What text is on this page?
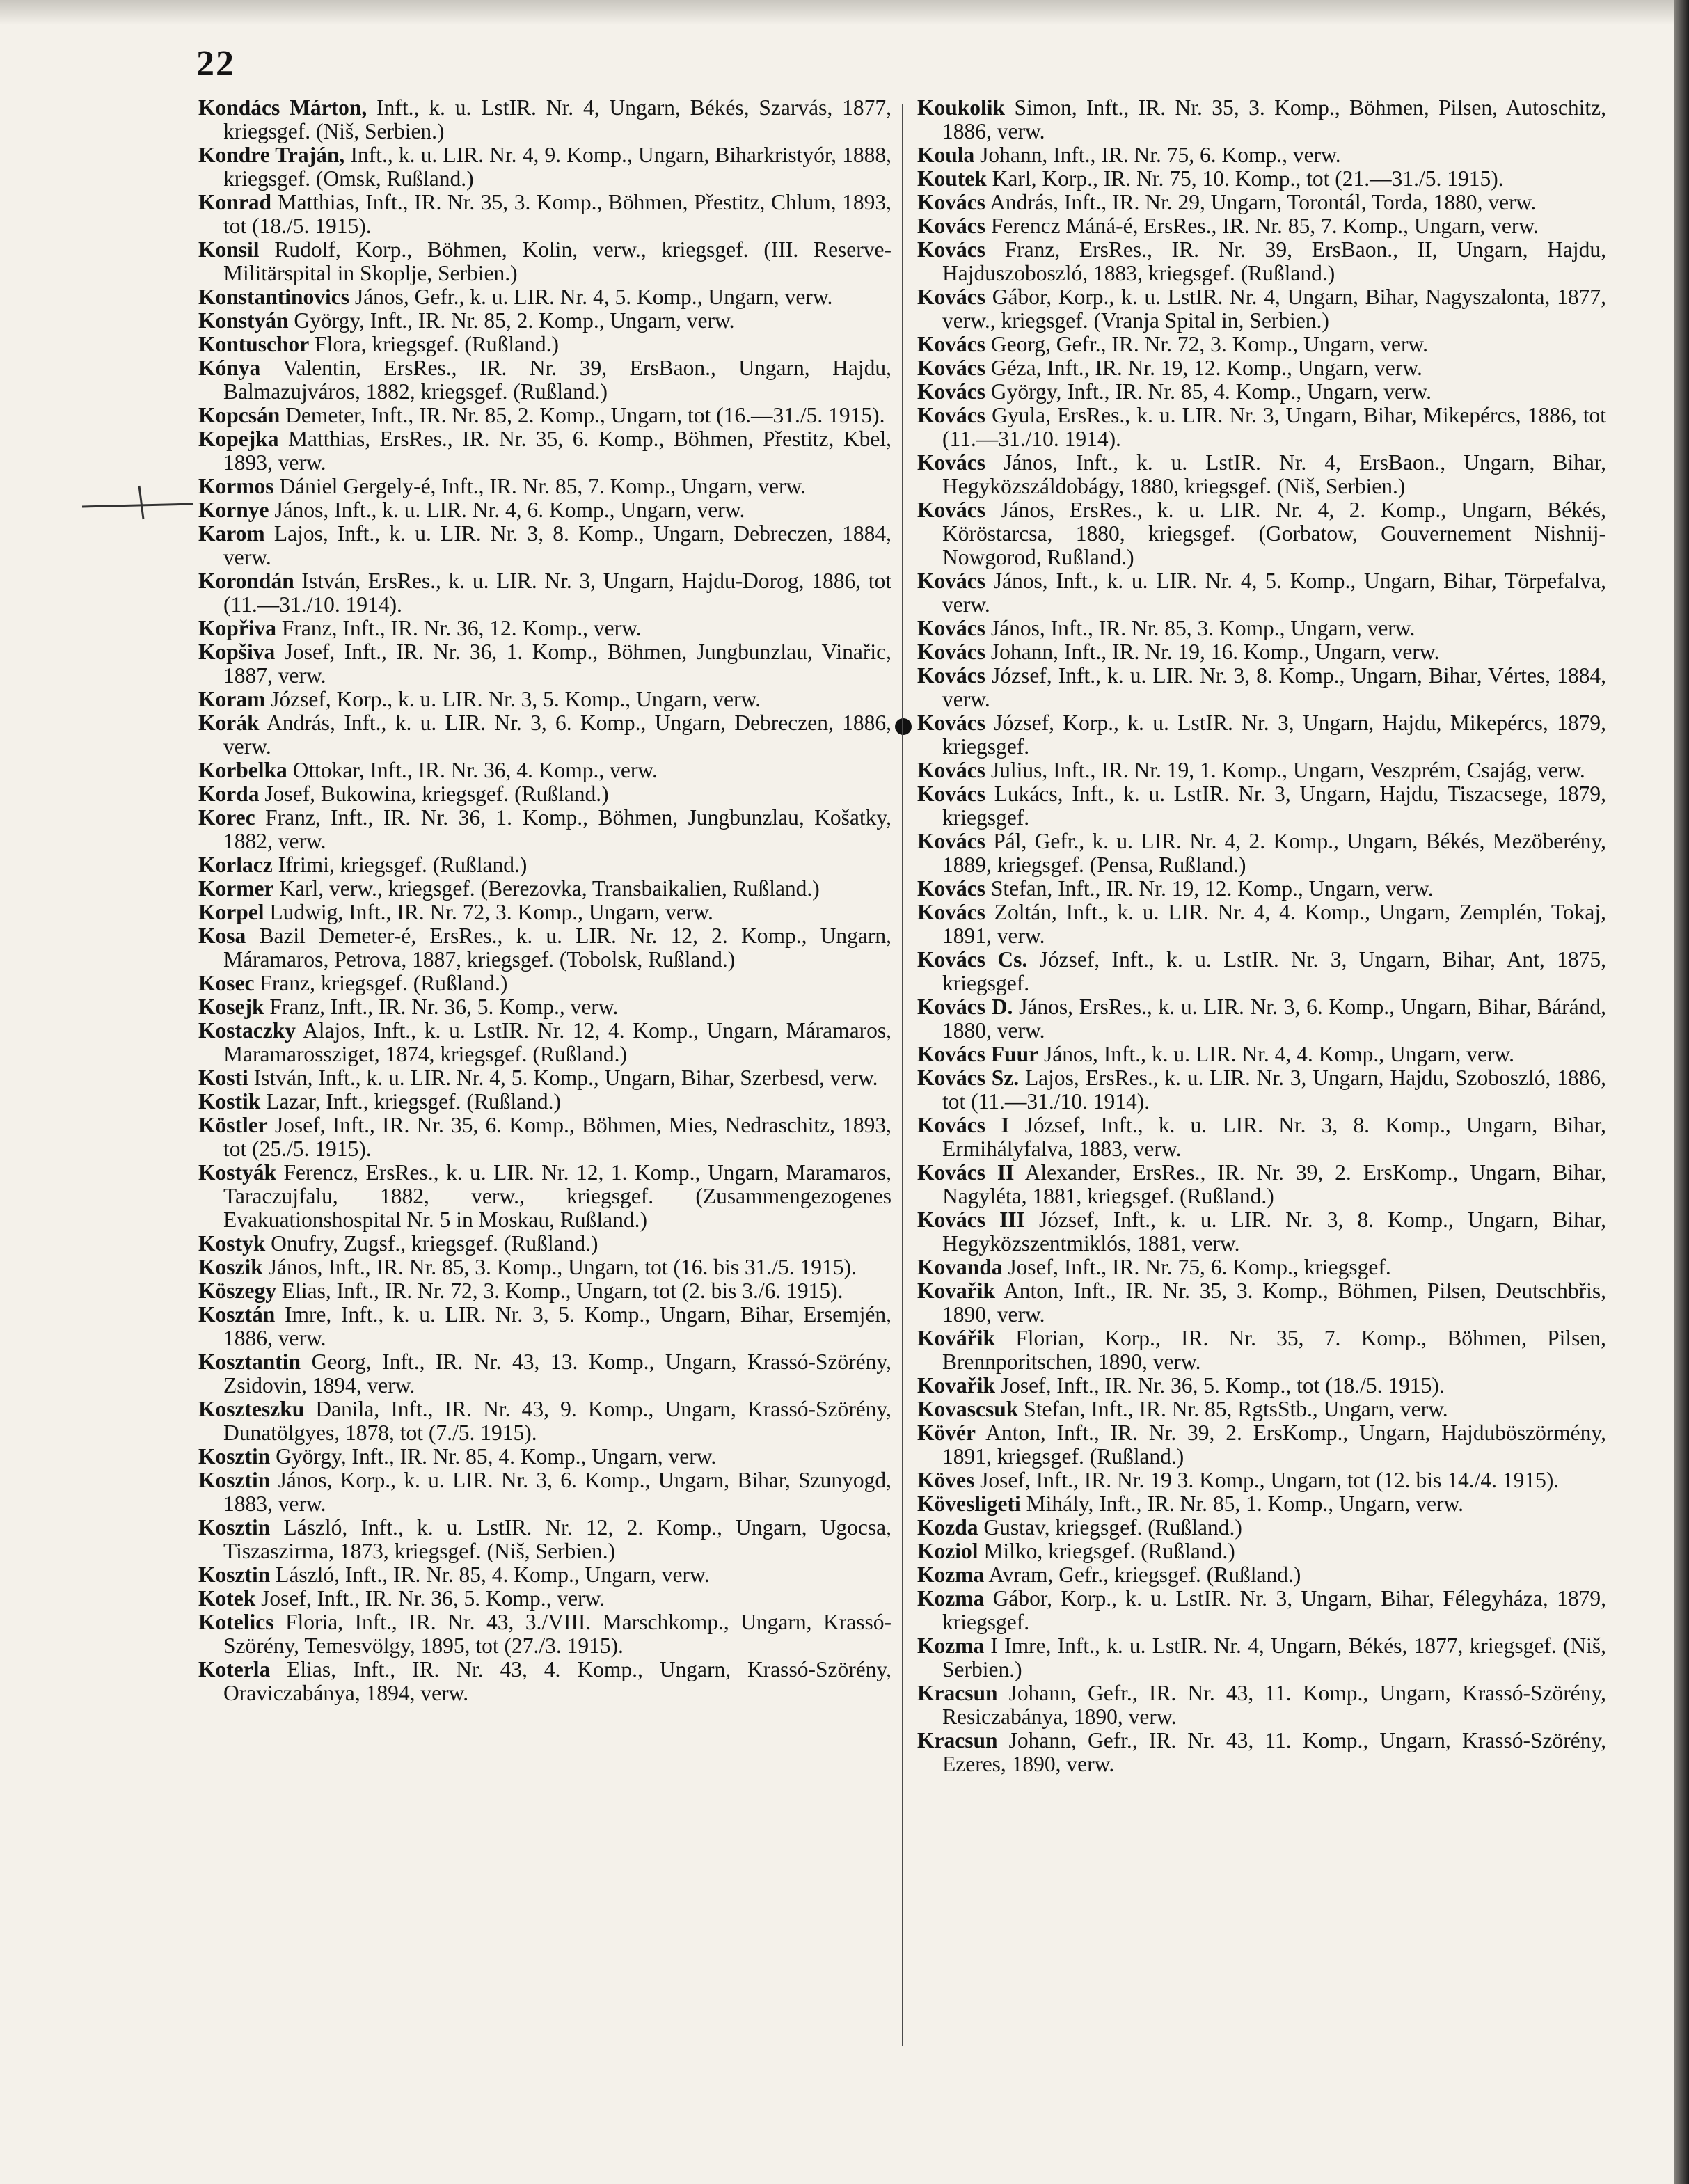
22

Kondács Márton, Inft., k. u. LstIR. Nr. 4, Ungarn, Békés, Szarvás, 1877, kriegsgef. (Niš, Serbien.)

Kondre Traján, Inft., k. u. LIR. Nr. 4, 9. Komp., Ungarn, Biharkristyór, 1888, kriegsgef. (Omsk, Rußland.)

Konrad Matthias, Inft., IR. Nr. 35, 3. Komp., Böhmen, Přestitz, Chlum, 1893, tot (18./5. 1915).

Konsil Rudolf, Korp., Böhmen, Kolin, verw., kriegsgef. (III. Reserve-Militärspital in Skoplje, Serbien.)

Konstantinovics János, Gefr., k. u. LIR. Nr. 4, 5. Komp., Ungarn, verw.

Konstyán György, Inft., IR. Nr. 85, 2. Komp., Ungarn, verw.

Kontuschor Flora, kriegsgef. (Rußland.)

Kónya Valentin, ErsRes., IR. Nr. 39, ErsBaon., Ungarn, Hajdu, Balmazujváros, 1882, kriegsgef. (Rußland.)

Kopcsán Demeter, Inft., IR. Nr. 85, 2. Komp., Ungarn, tot (16.—31./5. 1915).

Kopejka Matthias, ErsRes., IR. Nr. 35, 6. Komp., Böhmen, Přestitz, Kbel, 1893, verw.

Kormos Dániel Gergely-é, Inft., IR. Nr. 85, 7. Komp., Ungarn, verw.

Kornye János, Inft., k. u. LIR. Nr. 4, 6. Komp., Ungarn, verw.

Karom Lajos, Inft., k. u. LIR. Nr. 3, 8. Komp., Ungarn, Debreczen, 1884, verw.

Korondán István, ErsRes., k. u. LIR. Nr. 3, Ungarn, Hajdu-Dorog, 1886, tot (11.—31./10. 1914).

Kopřiva Franz, Inft., IR. Nr. 36, 12. Komp., verw.

Kopšiva Josef, Inft., IR. Nr. 36, 1. Komp., Böhmen, Jungbunzlau, Vinařic, 1887, verw.

Koram József, Korp., k. u. LIR. Nr. 3, 5. Komp., Ungarn, verw.

Korák András, Inft., k. u. LIR. Nr. 3, 6. Komp., Ungarn, Debreczen, 1886, verw.

Korbelka Ottokar, Inft., IR. Nr. 36, 4. Komp., verw.

Korda Josef, Bukowina, kriegsgef. (Rußland.)

Korec Franz, Inft., IR. Nr. 36, 1. Komp., Böhmen, Jungbunzlau, Košatky, 1882, verw.

Korlacz Ifrimi, kriegsgef. (Rußland.)

Kormer Karl, verw., kriegsgef. (Berezovka, Transbaikalien, Rußland.)

Korpel Ludwig, Inft., IR. Nr. 72, 3. Komp., Ungarn, verw.

Kosa Bazil Demeter-é, ErsRes., k. u. LIR. Nr. 12, 2. Komp., Ungarn, Máramaros, Petrova, 1887, kriegsgef. (Tobolsk, Rußland.)

Kosec Franz, kriegsgef. (Rußland.)

Kosejk Franz, Inft., IR. Nr. 36, 5. Komp., verw.

Kostaczky Alajos, Inft., k. u. LstIR. Nr. 12, 4. Komp., Ungarn, Máramaros, Maramarossziget, 1874, kriegsgef. (Rußland.)

Kosti István, Inft., k. u. LIR. Nr. 4, 5. Komp., Ungarn, Bihar, Szerbesd, verw.

Kostik Lazar, Inft., kriegsgef. (Rußland.)

Köstler Josef, Inft., IR. Nr. 35, 6. Komp., Böhmen, Mies, Nedraschitz, 1893, tot (25./5. 1915).

Kostyák Ferencz, ErsRes., k. u. LIR. Nr. 12, 1. Komp., Ungarn, Maramaros, Taraczujfalu, 1882, verw., kriegsgef. (Zusammengezogenes Evakuationshospital Nr. 5 in Moskau, Rußland.)

Kostyk Onufry, Zugsf., kriegsgef. (Rußland.)

Koszik János, Inft., IR. Nr. 85, 3. Komp., Ungarn, tot (16. bis 31./5. 1915).

Köszegy Elias, Inft., IR. Nr. 72, 3. Komp., Ungarn, tot (2. bis 3./6. 1915).

Kosztán Imre, Inft., k. u. LIR. Nr. 3, 5. Komp., Ungarn, Bihar, Ersemjén, 1886, verw.

Kosztantin Georg, Inft., IR. Nr. 43, 13. Komp., Ungarn, Krassó-Szörény, Zsidovin, 1894, verw.

Koszteszku Danila, Inft., IR. Nr. 43, 9. Komp., Ungarn, Krassó-Szörény, Dunatölgyes, 1878, tot (7./5. 1915).

Kosztin György, Inft., IR. Nr. 85, 4. Komp., Ungarn, verw.

Kosztin János, Korp., k. u. LIR. Nr. 3, 6. Komp., Ungarn, Bihar, Szunyogd, 1883, verw.

Kosztin László, Inft., k. u. LstIR. Nr. 12, 2. Komp., Ungarn, Ugocsa, Tiszaszirma, 1873, kriegsgef. (Niš, Serbien.)

Kosztin László, Inft., IR. Nr. 85, 4. Komp., Ungarn, verw.

Kotek Josef, Inft., IR. Nr. 36, 5. Komp., verw.

Kotelics Floria, Inft., IR. Nr. 43, 3./VIII. Marschkomp., Ungarn, Krassó-Szörény, Temesvölgy, 1895, tot (27./3. 1915).

Koterla Elias, Inft., IR. Nr. 43, 4. Komp., Ungarn, Krassó-Szörény, Oraviczabánya, 1894, verw.

Koukolik Simon, Inft., IR. Nr. 35, 3. Komp., Böhmen, Pilsen, Autoschitz, 1886, verw.

Koula Johann, Inft., IR. Nr. 75, 6. Komp., verw.

Koutek Karl, Korp., IR. Nr. 75, 10. Komp., tot (21.—31./5. 1915).

Kovács András, Inft., IR. Nr. 29, Ungarn, Torontál, Torda, 1880, verw.

Kovács Ferencz Máná-é, ErsRes., IR. Nr. 85, 7. Komp., Ungarn, verw.

Kovács Franz, ErsRes., IR. Nr. 39, ErsBaon., II, Ungarn, Hajdu, Hajduszoboszló, 1883, kriegsgef. (Rußland.)

Kovács Gábor, Korp., k. u. LstIR. Nr. 4, Ungarn, Bihar, Nagyszalonta, 1877, verw., kriegsgef. (Vranja Spital in, Serbien.)

Kovács Georg, Gefr., IR. Nr. 72, 3. Komp., Ungarn, verw.

Kovács Géza, Inft., IR. Nr. 19, 12. Komp., Ungarn, verw.

Kovács György, Inft., IR. Nr. 85, 4. Komp., Ungarn, verw.

Kovács Gyula, ErsRes., k. u. LIR. Nr. 3, Ungarn, Bihar, Mikepércs, 1886, tot (11.—31./10. 1914).

Kovács János, Inft., k. u. LstIR. Nr. 4, ErsBaon., Ungarn, Bihar, Hegyközszáldobágy, 1880, kriegsgef. (Niš, Serbien.)

Kovács János, ErsRes., k. u. LIR. Nr. 4, 2. Komp., Ungarn, Békés, Köröstarcsa, 1880, kriegsgef. (Gorbatow, Gouvernement Nishnij-Nowgorod, Rußland.)

Kovács János, Inft., k. u. LIR. Nr. 4, 5. Komp., Ungarn, Bihar, Törpefalva, verw.

Kovács János, Inft., IR. Nr. 85, 3. Komp., Ungarn, verw.

Kovács Johann, Inft., IR. Nr. 19, 16. Komp., Ungarn, verw.

Kovács József, Inft., k. u. LIR. Nr. 3, 8. Komp., Ungarn, Bihar, Vértes, 1884, verw.

Kovács József, Korp., k. u. LstIR. Nr. 3, Ungarn, Hajdu, Mikepércs, 1879, kriegsgef.

Kovács Julius, Inft., IR. Nr. 19, 1. Komp., Ungarn, Veszprém, Csajág, verw.

Kovács Lukács, Inft., k. u. LstIR. Nr. 3, Ungarn, Hajdu, Tiszacsege, 1879, kriegsgef.

Kovács Pál, Gefr., k. u. LIR. Nr. 4, 2. Komp., Ungarn, Békés, Mezöberény, 1889, kriegsgef. (Pensa, Rußland.)

Kovács Stefan, Inft., IR. Nr. 19, 12. Komp., Ungarn, verw.

Kovács Zoltán, Inft., k. u. LIR. Nr. 4, 4. Komp., Ungarn, Zemplén, Tokaj, 1891, verw.

Kovács Cs. József, Inft., k. u. LstIR. Nr. 3, Ungarn, Bihar, Ant, 1875, kriegsgef.

Kovács D. János, ErsRes., k. u. LIR. Nr. 3, 6. Komp., Ungarn, Bihar, Báránd, 1880, verw.

Kovács Fuur János, Inft., k. u. LIR. Nr. 4, 4. Komp., Ungarn, verw.

Kovács Sz. Lajos, ErsRes., k. u. LIR. Nr. 3, Ungarn, Hajdu, Szoboszló, 1886, tot (11.—31./10. 1914).

Kovács I József, Inft., k. u. LIR. Nr. 3, 8. Komp., Ungarn, Bihar, Ermihályfalva, 1883, verw.

Kovács II Alexander, ErsRes., IR. Nr. 39, 2. ErsKomp., Ungarn, Bihar, Nagyléta, 1881, kriegsgef. (Rußland.)

Kovács III József, Inft., k. u. LIR. Nr. 3, 8. Komp., Ungarn, Bihar, Hegyközszentmiklós, 1881, verw.

Kovanda Josef, Inft., IR. Nr. 75, 6. Komp., kriegsgef.

Kovařik Anton, Inft., IR. Nr. 35, 3. Komp., Böhmen, Pilsen, Deutschbřis, 1890, verw.

Kovářik Florian, Korp., IR. Nr. 35, 7. Komp., Böhmen, Pilsen, Brennporitschen, 1890, verw.

Kovařik Josef, Inft., IR. Nr. 36, 5. Komp., tot (18./5. 1915).

Kovascsuk Stefan, Inft., IR. Nr. 85, RgtsStb., Ungarn, verw.

Kövér Anton, Inft., IR. Nr. 39, 2. ErsKomp., Ungarn, Hajduböszörmény, 1891, kriegsgef. (Rußland.)

Köves Josef, Inft., IR. Nr. 19 3. Komp., Ungarn, tot (12. bis 14./4. 1915).

Kövesligeti Mihály, Inft., IR. Nr. 85, 1. Komp., Ungarn, verw.

Kozda Gustav, kriegsgef. (Rußland.)

Koziol Milko, kriegsgef. (Rußland.)

Kozma Avram, Gefr., kriegsgef. (Rußland.)

Kozma Gábor, Korp., k. u. LstIR. Nr. 3, Ungarn, Bihar, Félegyháza, 1879, kriegsgef.

Kozma I Imre, Inft., k. u. LstIR. Nr. 4, Ungarn, Békés, 1877, kriegsgef. (Niš, Serbien.)

Kracsun Johann, Gefr., IR. Nr. 43, 11. Komp., Ungarn, Krassó-Szörény, Resiczabánya, 1890, verw.

Kracsun Johann, Gefr., IR. Nr. 43, 11. Komp., Ungarn, Krassó-Szörény, Ezeres, 1890, verw.
